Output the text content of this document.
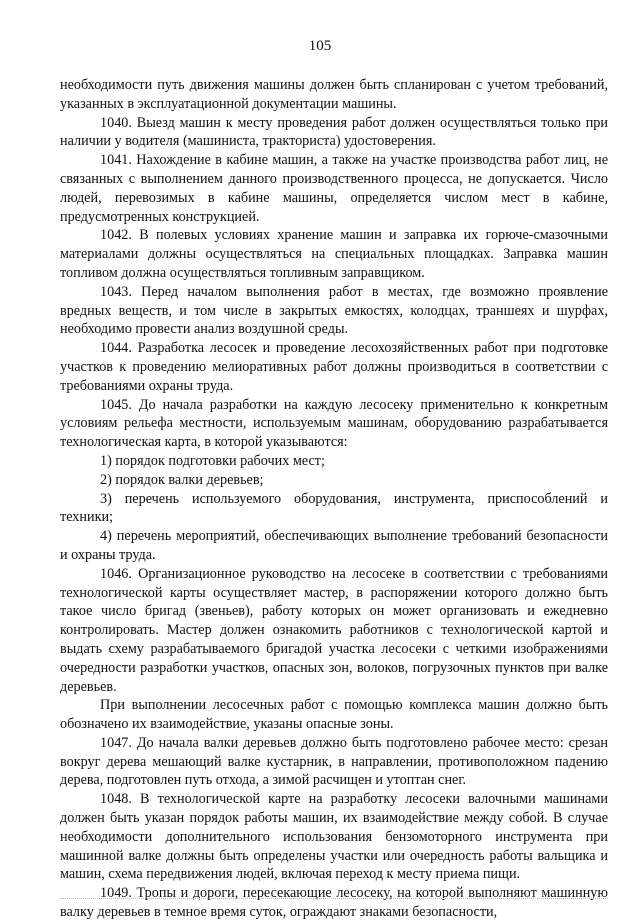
105

необходимости путь движения машины должен быть спланирован с учетом требований, указанных в эксплуатационной документации машины.

1040. Выезд машин к месту проведения работ должен осуществляться только при наличии у водителя (машиниста, тракториста) удостоверения.

1041. Нахождение в кабине машин, а также на участке производства работ лиц, не связанных с выполнением данного производственного процесса, не допускается. Число людей, перевозимых в кабине машины, определяется числом мест в кабине, предусмотренных конструкцией.

1042. В полевых условиях хранение машин и заправка их горюче-смазочными материалами должны осуществляться на специальных площадках. Заправка машин топливом должна осуществляться топливным заправщиком.

1043. Перед началом выполнения работ в местах, где возможно проявление вредных веществ, и том числе в закрытых емкостях, колодцах, траншеях и шурфах, необходимо провести анализ воздушной среды.

1044. Разработка лесосек и проведение лесохозяйственных работ при подготовке участков к проведению мелиоративных работ должны производиться в соответствии с требованиями охраны труда.

1045. До начала разработки на каждую лесосеку применительно к конкретным условиям рельефа местности, используемым машинам, оборудованию разрабатывается технологическая карта, в которой указываются:

1) порядок подготовки рабочих мест;

2) порядок валки деревьев;

3) перечень используемого оборудования, инструмента, приспособлений и техники;

4) перечень мероприятий, обеспечивающих выполнение требований безопасности и охраны труда.

1046. Организационное руководство на лесосеке в соответствии с требованиями технологической карты осуществляет мастер, в распоряжении которого должно быть такое число бригад (звеньев), работу которых он может организовать и ежедневно контролировать. Мастер должен ознакомить работников с технологической картой и выдать схему разрабатываемого бригадой участка лесосеки с четкими изображениями очередности разработки участков, опасных зон, волоков, погрузочных пунктов при валке деревьев.

При выполнении лесосечных работ с помощью комплекса машин должно быть обозначено их взаимодействие, указаны опасные зоны.

1047. До начала валки деревьев должно быть подготовлено рабочее место: срезан вокруг дерева мешающий валке кустарник, в направлении, противоположном падению дерева, подготовлен путь отхода, а зимой расчищен и утоптан снег.

1048. В технологической карте на разработку лесосеки валочными машинами должен быть указан порядок работы машин, их взаимодействие между собой. В случае необходимости дополнительного использования бензомоторного инструмента при машинной валке должны быть определены участки или очередность работы вальщика и машин, схема передвижения людей, включая переход к месту приема пищи.

1049. Тропы и дороги, пересекающие лесосеку, на которой выполняют машинную валку деревьев в темное время суток, ограждают знаками безопасности,
